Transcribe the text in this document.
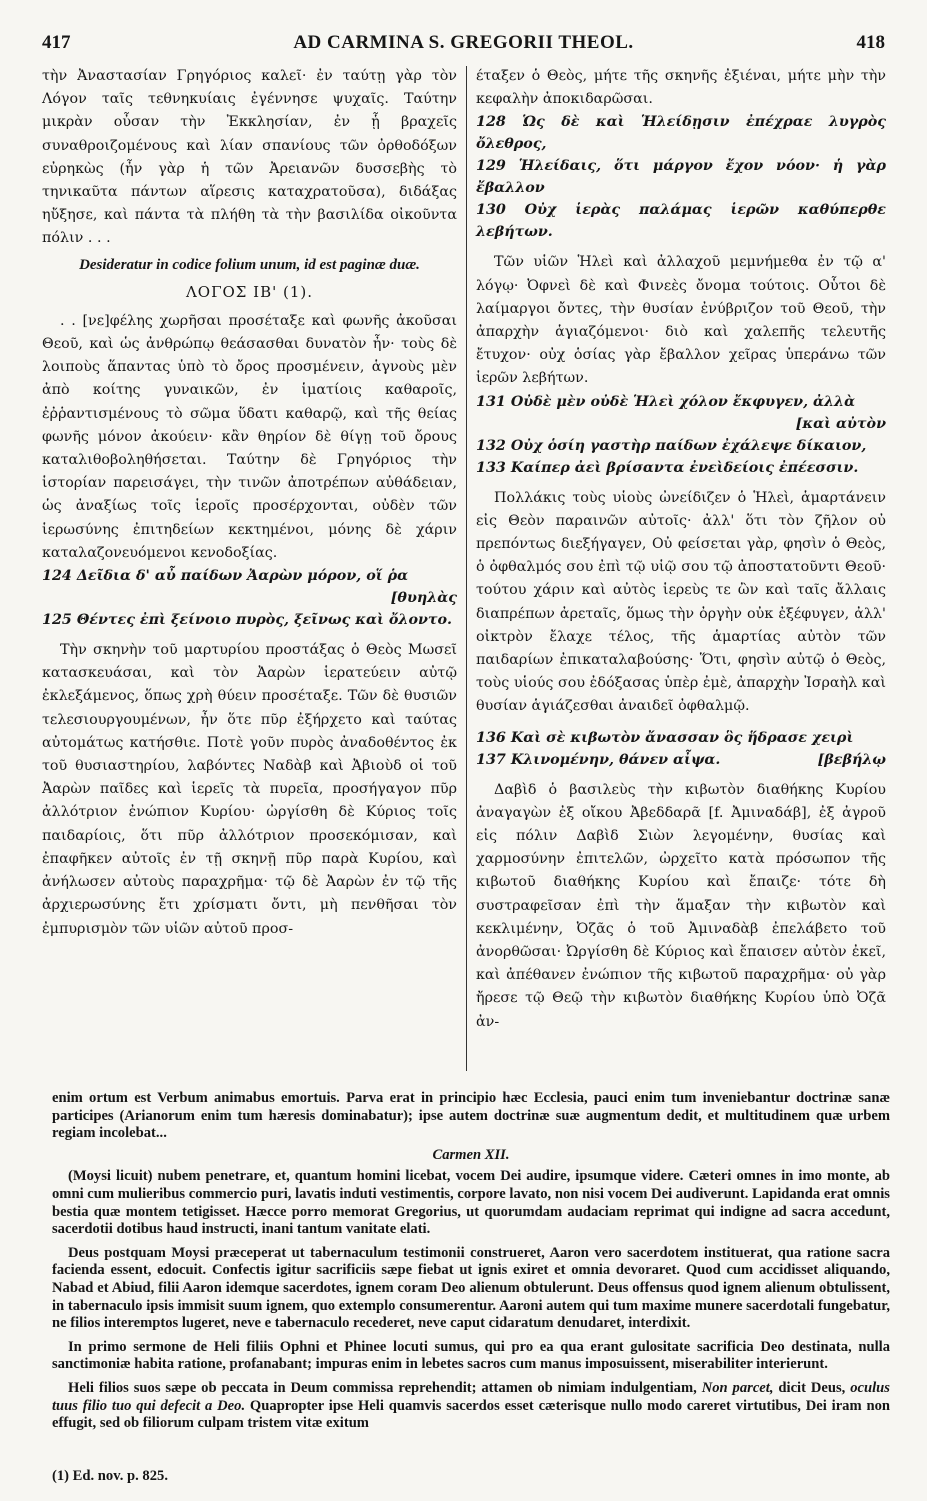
417	AD CARMINA S. GREGORII THEOL.	418

τὴν Ἀναστασίαν Γρηγόριος καλεῖ· ἐν ταύτῃ γὰρ τὸν Λόγον ταῖς τεθνηκυίαις ἐγέννησε ψυχαῖς. Ταύτην μικρὰν οὖσαν τὴν Ἐκκλησίαν, ἐν ᾗ βραχεῖς συναθροιζομένους καὶ λίαν σπανίους τῶν ὀρθοδόξων εὐρηκὼς (ἦν γὰρ ἡ τῶν Ἀρειανῶν δυσσεβὴς τὸ τηνικαῦτα πάντων αἵρεσις καταχρατοῦσα), διδάξας ηὔξησε, καὶ πάντα τὰ πλήθη τὰ τὴν βασιλίδα οἰκοῦντα πόλιν . . .

Desideratur in codice folium unum, id est paginæ duæ.
ΛΟΓΟΣ ΙΒ' (1).

. . [νε]φέλης χωρῆσαι προσέταξε καὶ φωνῆς ἀκοῦσαι Θεοῦ, καὶ ὡς ἀνθρώπῳ θεάσασθαι δυνατὸν ἦν· τοὺς δὲ λοιποὺς ἅπαντας ὑπὸ τὸ ὄρος προσμένειν, ἁγνοὺς μὲν ἀπὸ κοίτης γυναικῶν, ἐν ἱματίοις καθαροῖς, ἐῤῥαντισμένους τὸ σῶμα ὕδατι καθαρῷ, καὶ τῆς θείας φωνῆς μόνον ἀκούειν· κἂν θηρίον δὲ θίγῃ τοῦ ὄρους καταλιθοβοληθήσεται. Ταύτην δὲ Γρηγόριος τὴν ἱστορίαν παρεισάγει, τὴν τινῶν ἀποτρέπων αὐθάδειαν, ὡς ἀναξίως τοῖς ἱεροῖς προσέρχονται, οὐδὲν τῶν ἱερωσύνης ἐπιτηδείων κεκτημένοι, μόνης δὲ χάριν καταλαζονευόμενοι κενοδοξίας.

124 Δεῖδια δ' αὖ παίδων Ἀαρὼν μόρον, οἵ ῥα
[θυηλὰς
125 Θέντες ἐπὶ ξείνοιο πυρὸς, ξεῖνως καὶ ὄλοντο.

Τὴν σκηνὴν τοῦ μαρτυρίου προστάξας ὁ Θεὸς Μωσεῖ κατασκευάσαι, καὶ τὸν Ἀαρὼν ἱερατεύειν αὐτῷ ἐκλεξάμενος, ὅπως χρὴ θύειν προσέταξε. Τῶν δὲ θυσιῶν τελεσιουργουμένων, ἦν ὅτε πῦρ ἐξήρχετο καὶ ταύτας αὐτομάτως κατήσθιε. Ποτὲ γοῦν πυρὸς ἀναδοθέντος ἐκ τοῦ θυσιαστηρίου, λαβόντες Ναδὰβ καὶ Ἀβιοὺδ οἱ τοῦ Ἀαρὼν παῖδες καὶ ἱερεῖς τὰ πυρεῖα, προσήγαγον πῦρ ἀλλότριον ἐνώπιον Κυρίου· ὠργίσθη δὲ Κύριος τοῖς παιδαρίοις, ὅτι πῦρ ἀλλότριον προσεκόμισαν, καὶ ἐπαφῆκεν αὐτοῖς ἐν τῇ σκηνῇ πῦρ παρὰ Κυρίου, καὶ ἀνήλωσεν αὐτοὺς παραχρῆμα· τῷ δὲ Ἀαρὼν ἐν τῷ τῆς ἀρχιερωσύνης ἔτι χρίσματι ὄντι, μὴ πενθῆσαι τὸν ἐμπυρισμὸν τῶν υἱῶν αὐτοῦ προσ-

έταξεν ὁ Θεὸς, μήτε τῆς σκηνῆς ἐξιέναι, μήτε μὴν τὴν κεφαλὴν ἀποκιδαρῶσαι.

128 Ὡς δὲ καὶ Ἡλείδῃσιν ἐπέχραε λυγρὸς ὄλεθρος,
129 Ἡλείδαις, ὅτι μάργον ἔχον νόον· ἡ γὰρ ἔβαλλον
130 Οὐχ ἱερὰς παλάμας ἱερῶν καθύπερθε λεβήτων.

Τῶν υἱῶν Ἡλεὶ καὶ ἀλλαχοῦ μεμνήμεθα ἐν τῷ α' λόγῳ· Ὀφνεὶ δὲ καὶ Φινεὲς ὄνομα τούτοις. Οὗτοι δὲ λαίμαργοι ὄντες, τὴν θυσίαν ἐνύβριζον τοῦ Θεοῦ, τὴν ἀπαρχὴν ἁγιαζόμενοι· διὸ καὶ χαλεπῆς τελευτῆς ἔτυχον· οὐχ ὁσίας γὰρ ἔβαλλον χεῖρας ὑπεράνω τῶν ἱερῶν λεβήτων.

131 Οὐδὲ μὲν οὐδὲ Ἡλεὶ χόλον ἔκφυγεν, ἀλλὰ
[καὶ αὐτὸν
132 Οὐχ ὁσίη γαστὴρ παίδων ἐχάλεψε δίκαιον,
133 Καίπερ ἀεὶ βρίσαντα ἐνεὶδείοις ἐπέεσσιν.

Πολλάκις τοὺς υἱοὺς ὠνείδιζεν ὁ Ἡλεὶ, ἁμαρτάνειν εἰς Θεὸν παραινῶν αὐτοῖς· ἀλλ' ὅτι τὸν ζῆλον οὐ πρεπόντως διεξήγαγεν, Οὐ φείσεται γὰρ, φησὶν ὁ Θεὸς, ὁ ὀφθαλμός σου ἐπὶ τῷ υἱῷ σου τῷ ἀποστατοῦντι Θεοῦ· τούτου χάριν καὶ αὐτὸς ἱερεὺς τε ὢν καὶ ταῖς ἄλλαις διαπρέπων ἀρεταῖς, ὅμως τὴν ὀργὴν οὐκ ἐξέφυγεν, ἀλλ' οἰκτρὸν ἔλαχε τέλος, τῆς ἁμαρτίας αὐτὸν τῶν παιδαρίων ἐπικαταλαβούσης· Ὅτι, φησὶν αὐτῷ ὁ Θεὸς, τοὺς υἱούς σου ἐδόξασας ὑπὲρ ἐμὲ, ἀπαρχὴν Ἰσραὴλ καὶ θυσίαν ἁγιάζεσθαι ἀναιδεῖ ὀφθαλμῷ.

136 Καὶ σὲ κιβωτὸν ἄνασσαν ὃς ἥδρασε χειρὶ
137 Κλινομένην, θάνεν αἶψα.	[βεβήλῳ

Δαβὶδ ὁ βασιλεὺς τὴν κιβωτὸν διαθήκης Κυρίου ἀναγαγὼν ἐξ οἴκου Ἀβεδδαρᾶ [f. Ἀμιναδάβ], ἐξ ἀγροῦ εἰς πόλιν Δαβὶδ Σιὼν λεγομένην, θυσίας καὶ χαρμοσύνην ἐπιτελῶν, ὠρχεῖτο κατὰ πρόσωπον τῆς κιβωτοῦ διαθήκης Κυρίου καὶ ἔπαιζε· τότε δὴ συστραφεῖσαν ἐπὶ τὴν ἅμαξαν τὴν κιβωτὸν καὶ κεκλιμένην, Ὀζᾶς ὁ τοῦ Ἀμιναδὰβ ἐπελάβετο τοῦ ἀνορθῶσαι· Ὠργίσθη δὲ Κύριος καὶ ἔπαισεν αὐτὸν ἐκεῖ, καὶ ἀπέθανεν ἐνώπιον τῆς κιβωτοῦ παραχρῆμα· οὐ γὰρ ἤρεσε τῷ Θεῷ τὴν κιβωτὸν διαθήκης Κυρίου ὑπὸ Ὀζᾶ ἀν-

enim ortum est Verbum animabus emortuis. Parva erat in principio hæc Ecclesia, pauci enim tum inveniebantur doctrinæ sanæ participes (Arianorum enim tum hæresis dominabatur); ipse autem doctrinæ suæ augmentum dedit, et multitudinem quæ urbem regiam incolebat...

Carmen XII.

(Moysi licuit) nubem penetrare, et, quantum homini licebat, vocem Dei audire, ipsumque videre. Cæteri omnes in imo monte, ab omni cum mulieribus commercio puri, lavatis induti vestimentis, corpore lavato, non nisi vocem Dei audiverunt. Lapidanda erat omnis bestia quæ montem tetigisset. Hæcce porro memorat Gregorius, ut quorumdam audaciam reprimat qui indigne ad sacra accedunt, sacerdotii dotibus haud instructi, inani tantum vanitate elati.

Deus postquam Moysi præceperat ut tabernaculum testimonii construeret, Aaron vero sacerdotem instituerat, qua ratione sacra facienda essent, edocuit. Confectis igitur sacrificiis sæpe fiebat ut ignis exiret et omnia devoraret. Quod cum accidisset aliquando, Nabad et Abiud, filii Aaron idemque sacerdotes, ignem coram Deo alienum obtulerunt. Deus offensus quod ignem alienum obtulissent, in tabernaculo ipsis immisit suum ignem, quo extemplo consumerentur. Aaroni autem qui tum maxime munere sacerdotali fungebatur, ne filios interemptos lugeret, neve e tabernaculo recederet, neve caput cidaratum denudaret, interdixit.

In primo sermone de Heli filiis Ophni et Phinee locuti sumus, qui pro ea qua erant gulositate sacrificia Deo destinata, nulla sanctimoniæ habita ratione, profanabant; impuras enim in lebetes sacros cum manus imposuissent, miserabiliter interierunt.

Heli filios suos sæpe ob peccata in Deum commissa reprehendit; attamen ob nimiam indulgentiam, Non parcet, dicit Deus, oculus tuus filio tuo qui defecit a Deo. Quapropter ipse Heli quamvis sacerdos esset cæterisque nullo modo careret virtutibus, Dei iram non effugit, sed ob filiorum culpam tristem vitæ exitum

(1) Ed. nov. p. 825.
